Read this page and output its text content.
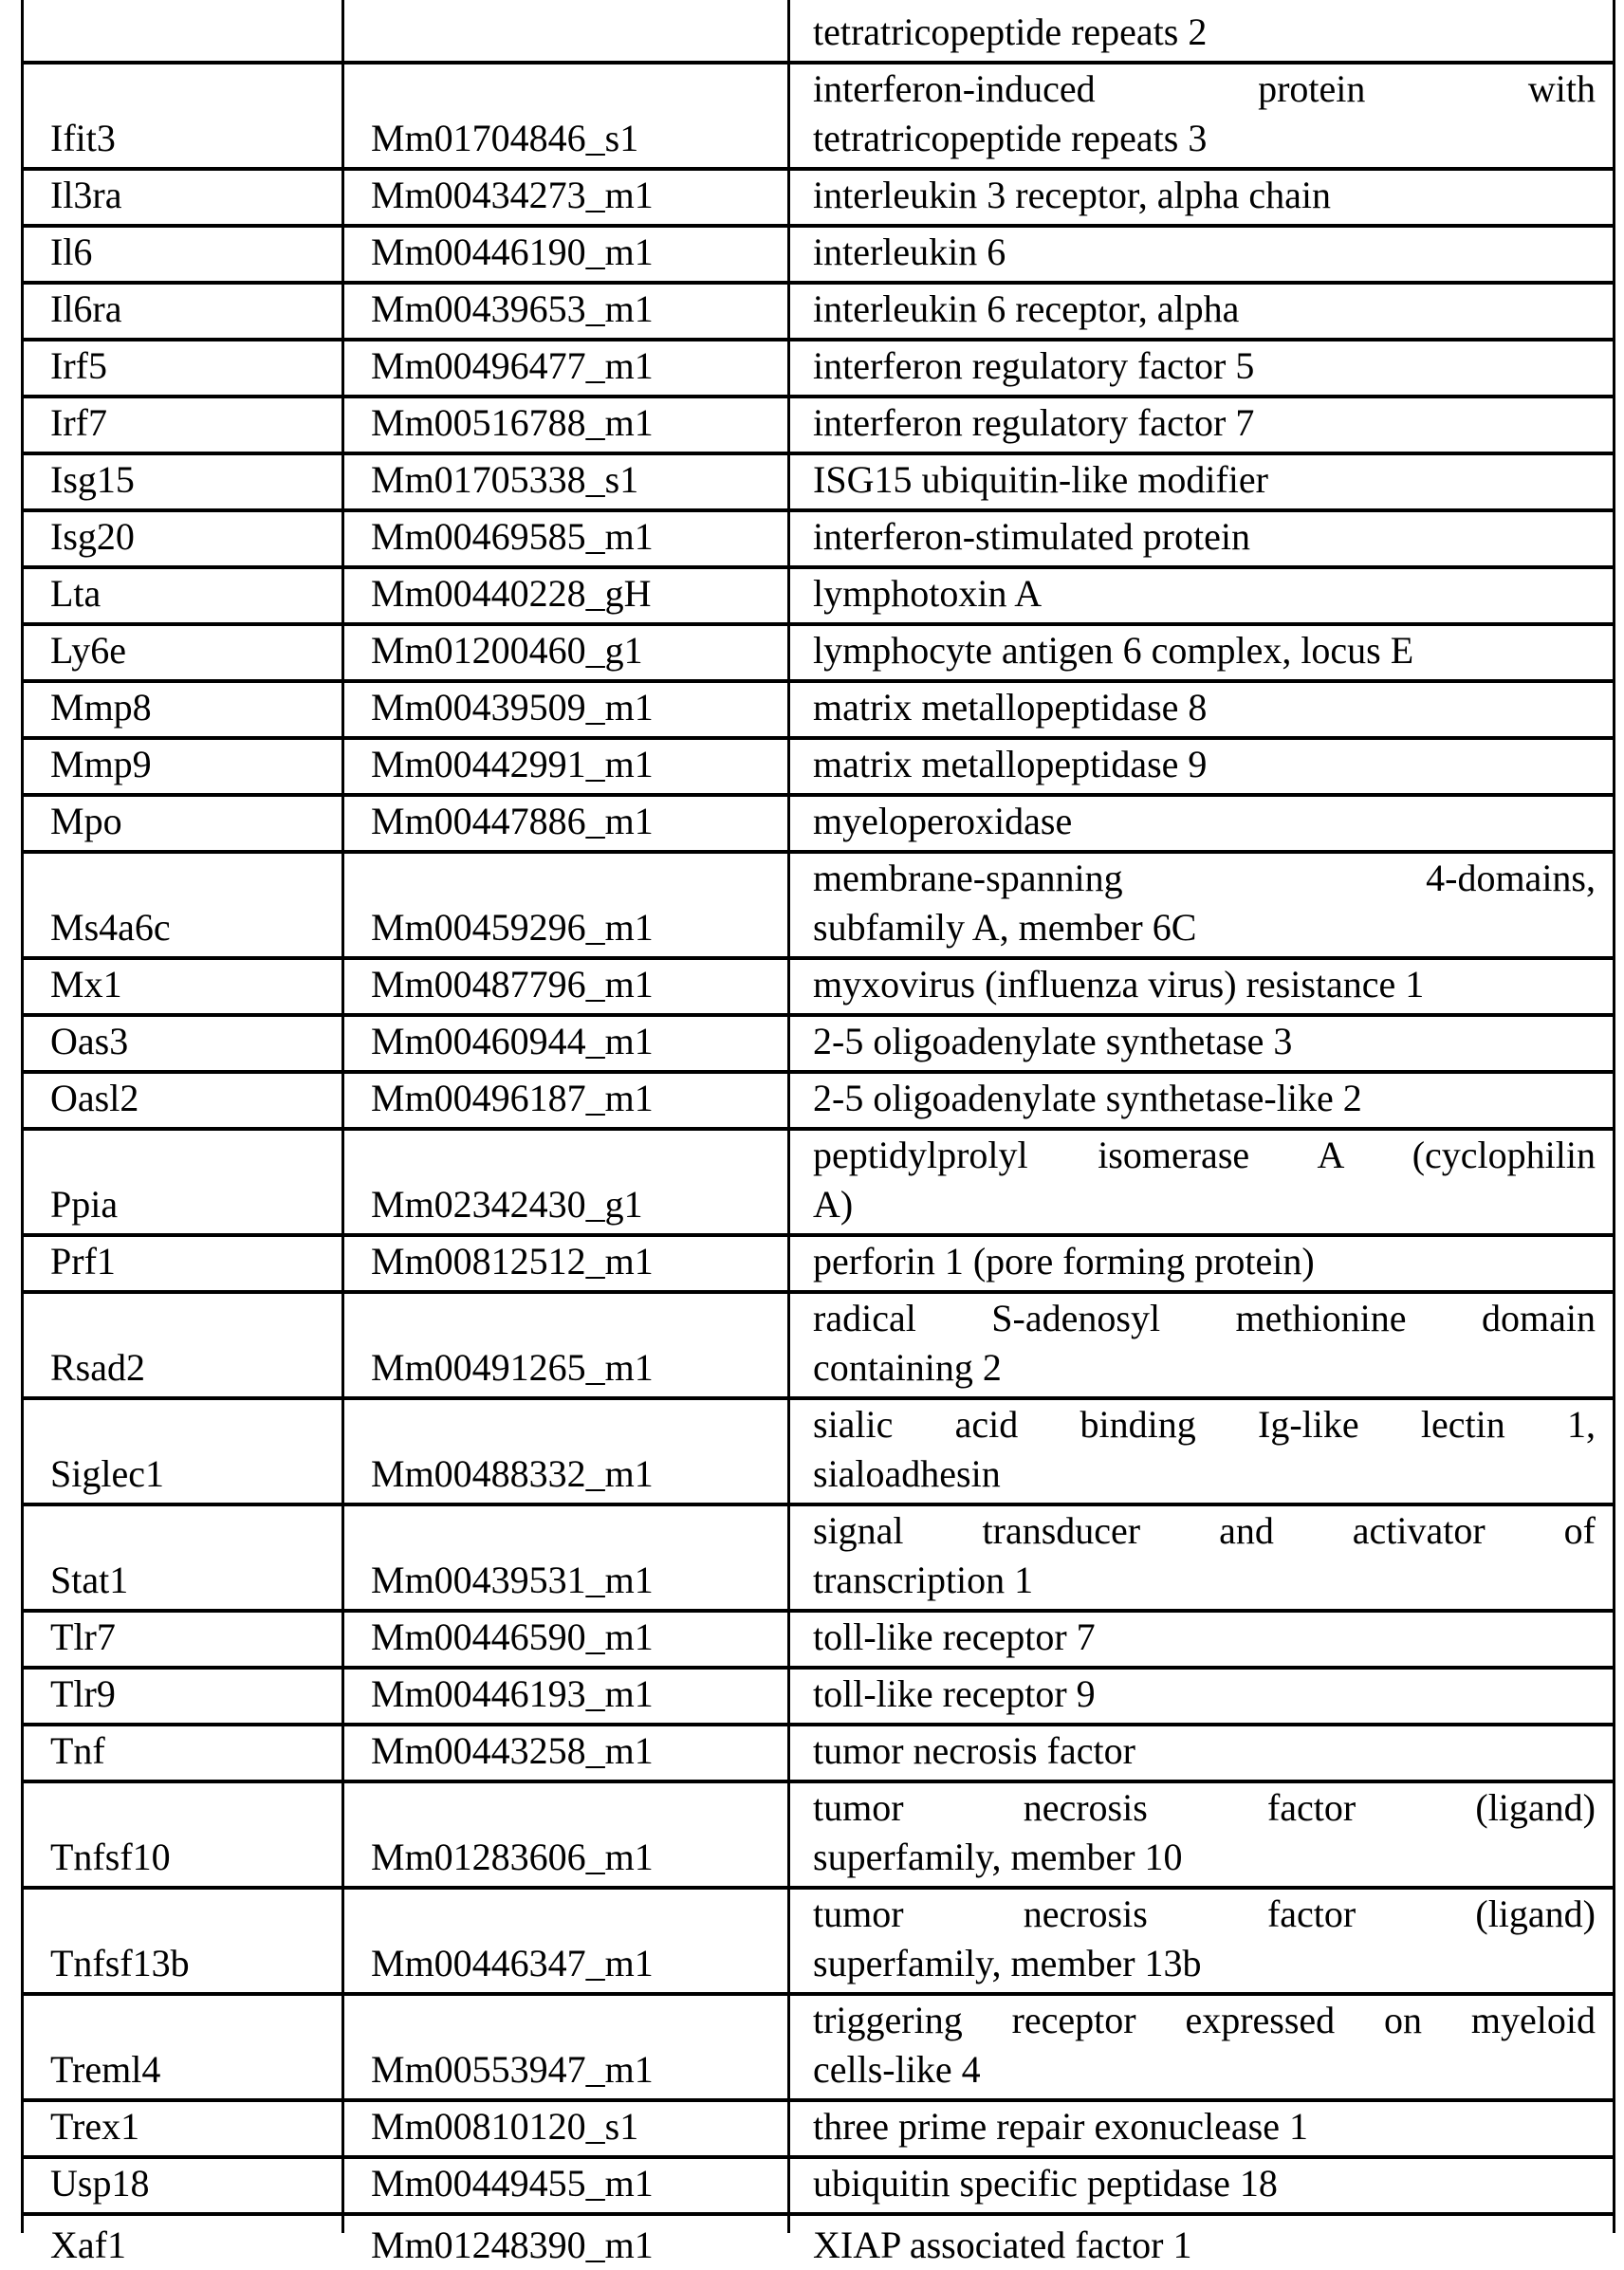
		tetratricopeptide repeats 2

Ifit3	Mm01704846_s1	interferon-induced protein with
tetratricopeptide repeats 3

Il3ra	Mm00434273_m1	interleukin 3 receptor, alpha chain

Il6	Mm00446190_m1	interleukin 6

Il6ra	Mm00439653_m1	interleukin 6 receptor, alpha

Irf5	Mm00496477_m1	interferon regulatory factor 5

Irf7	Mm00516788_m1	interferon regulatory factor 7

Isg15	Mm01705338_s1	ISG15 ubiquitin-like modifier

Isg20	Mm00469585_m1	interferon-stimulated protein

Lta	Mm00440228_gH	lymphotoxin A

Ly6e	Mm01200460_g1	lymphocyte antigen 6 complex, locus E

Mmp8	Mm00439509_m1	matrix metallopeptidase 8

Mmp9	Mm00442991_m1	matrix metallopeptidase 9

Mpo	Mm00447886_m1	myeloperoxidase

Ms4a6c	Mm00459296_m1	membrane-spanning 4-domains,
subfamily A, member 6C

Mx1	Mm00487796_m1	myxovirus (influenza virus) resistance 1

Oas3	Mm00460944_m1	2-5 oligoadenylate synthetase 3

Oasl2	Mm00496187_m1	2-5 oligoadenylate synthetase-like 2

Ppia	Mm02342430_g1	peptidylprolyl isomerase A (cyclophilin
A)

Prf1	Mm00812512_m1	perforin 1 (pore forming protein)

Rsad2	Mm00491265_m1	radical S-adenosyl methionine domain
containing 2

Siglec1	Mm00488332_m1	sialic acid binding Ig-like lectin 1,
sialoadhesin

Stat1	Mm00439531_m1	signal transducer and activator of
transcription 1

Tlr7	Mm00446590_m1	toll-like receptor 7

Tlr9	Mm00446193_m1	toll-like receptor 9

Tnf	Mm00443258_m1	tumor necrosis factor

Tnfsf10	Mm01283606_m1	tumor necrosis factor (ligand)
superfamily, member 10

Tnfsf13b	Mm00446347_m1	tumor necrosis factor (ligand)
superfamily, member 13b

Treml4	Mm00553947_m1	triggering receptor expressed on myeloid
cells-like 4

Trex1	Mm00810120_s1	three prime repair exonuclease 1

Usp18	Mm00449455_m1	ubiquitin specific peptidase 18

Xaf1	Mm01248390_m1	XIAP associated factor 1
